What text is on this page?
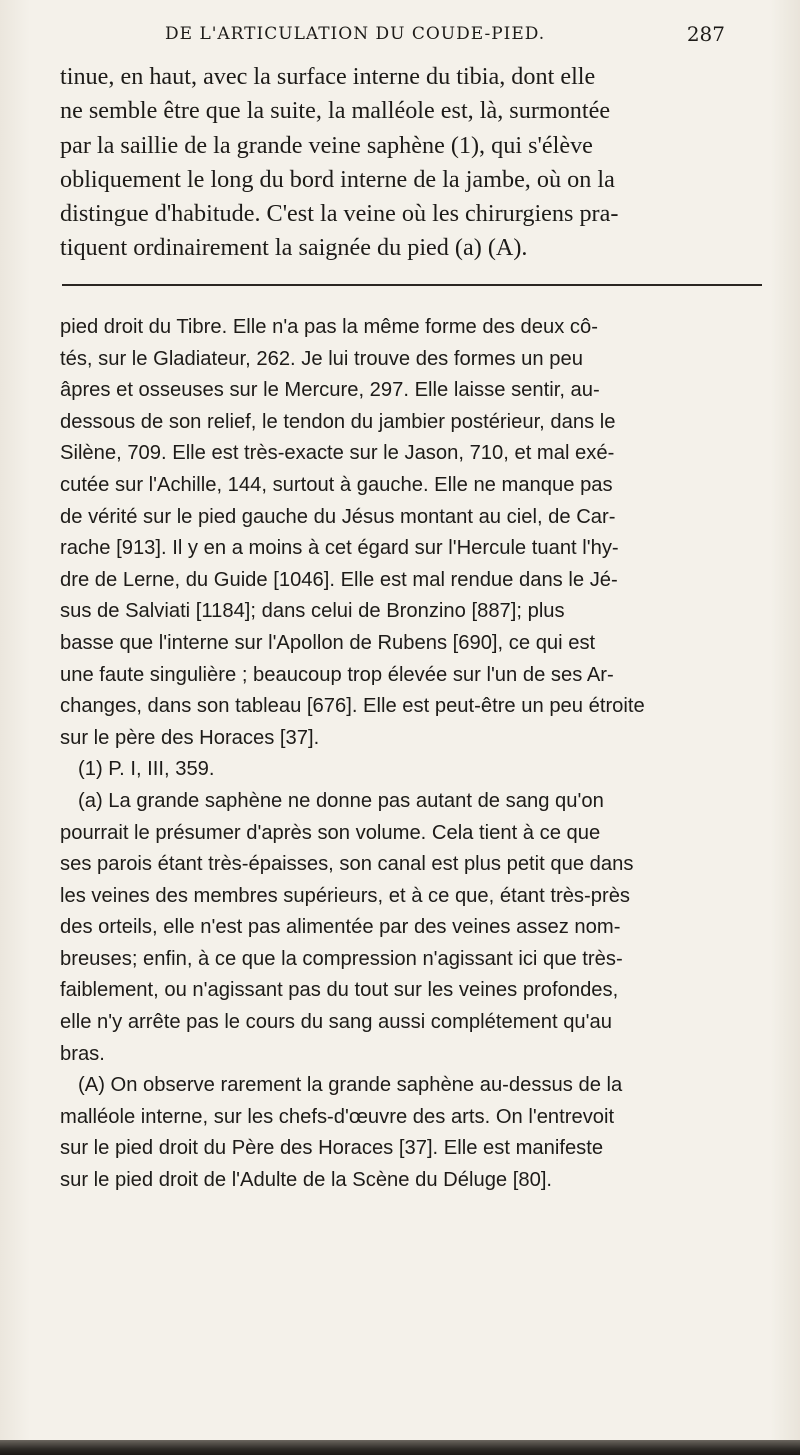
DE L'ARTICULATION DU COUDE-PIED.	287

tinue, en haut, avec la surface interne du tibia, dont elle
ne semble être que la suite, la malléole est, là, surmontée
par la saillie de la grande veine saphène (1), qui s'élève
obliquement le long du bord interne de la jambe, où on la
distingue d'habitude. C'est la veine où les chirurgiens pra-
tiquent ordinairement la saignée du pied (a) (A).

pied droit du Tibre. Elle n'a pas la même forme des deux cô-
tés, sur le Gladiateur, 262. Je lui trouve des formes un peu
âpres et osseuses sur le Mercure, 297. Elle laisse sentir, au-
dessous de son relief, le tendon du jambier postérieur, dans le
Silène, 709. Elle est très-exacte sur le Jason, 710, et mal exé-
cutée sur l'Achille, 144, surtout à gauche. Elle ne manque pas
de vérité sur le pied gauche du Jésus montant au ciel, de Car-
rache [913]. Il y en a moins à cet égard sur l'Hercule tuant l'hy-
dre de Lerne, du Guide [1046]. Elle est mal rendue dans le Jé-
sus de Salviati [1184]; dans celui de Bronzino [887]; plus
basse que l'interne sur l'Apollon de Rubens [690], ce qui est
une faute singulière ; beaucoup trop élevée sur l'un de ses Ar-
changes, dans son tableau [676]. Elle est peut-être un peu étroite
sur le père des Horaces [37].
(1) P. I, III, 359.
(a) La grande saphène ne donne pas autant de sang qu'on
pourrait le présumer d'après son volume. Cela tient à ce que
ses parois étant très-épaisses, son canal est plus petit que dans
les veines des membres supérieurs, et à ce que, étant très-près
des orteils, elle n'est pas alimentée par des veines assez nom-
breuses; enfin, à ce que la compression n'agissant ici que très-
faiblement, ou n'agissant pas du tout sur les veines profondes,
elle n'y arrête pas le cours du sang aussi complétement qu'au
bras.
(A) On observe rarement la grande saphène au-dessus de la
malléole interne, sur les chefs-d'œuvre des arts. On l'entrevoit
sur le pied droit du Père des Horaces [37]. Elle est manifeste
sur le pied droit de l'Adulte de la Scène du Déluge [80].
